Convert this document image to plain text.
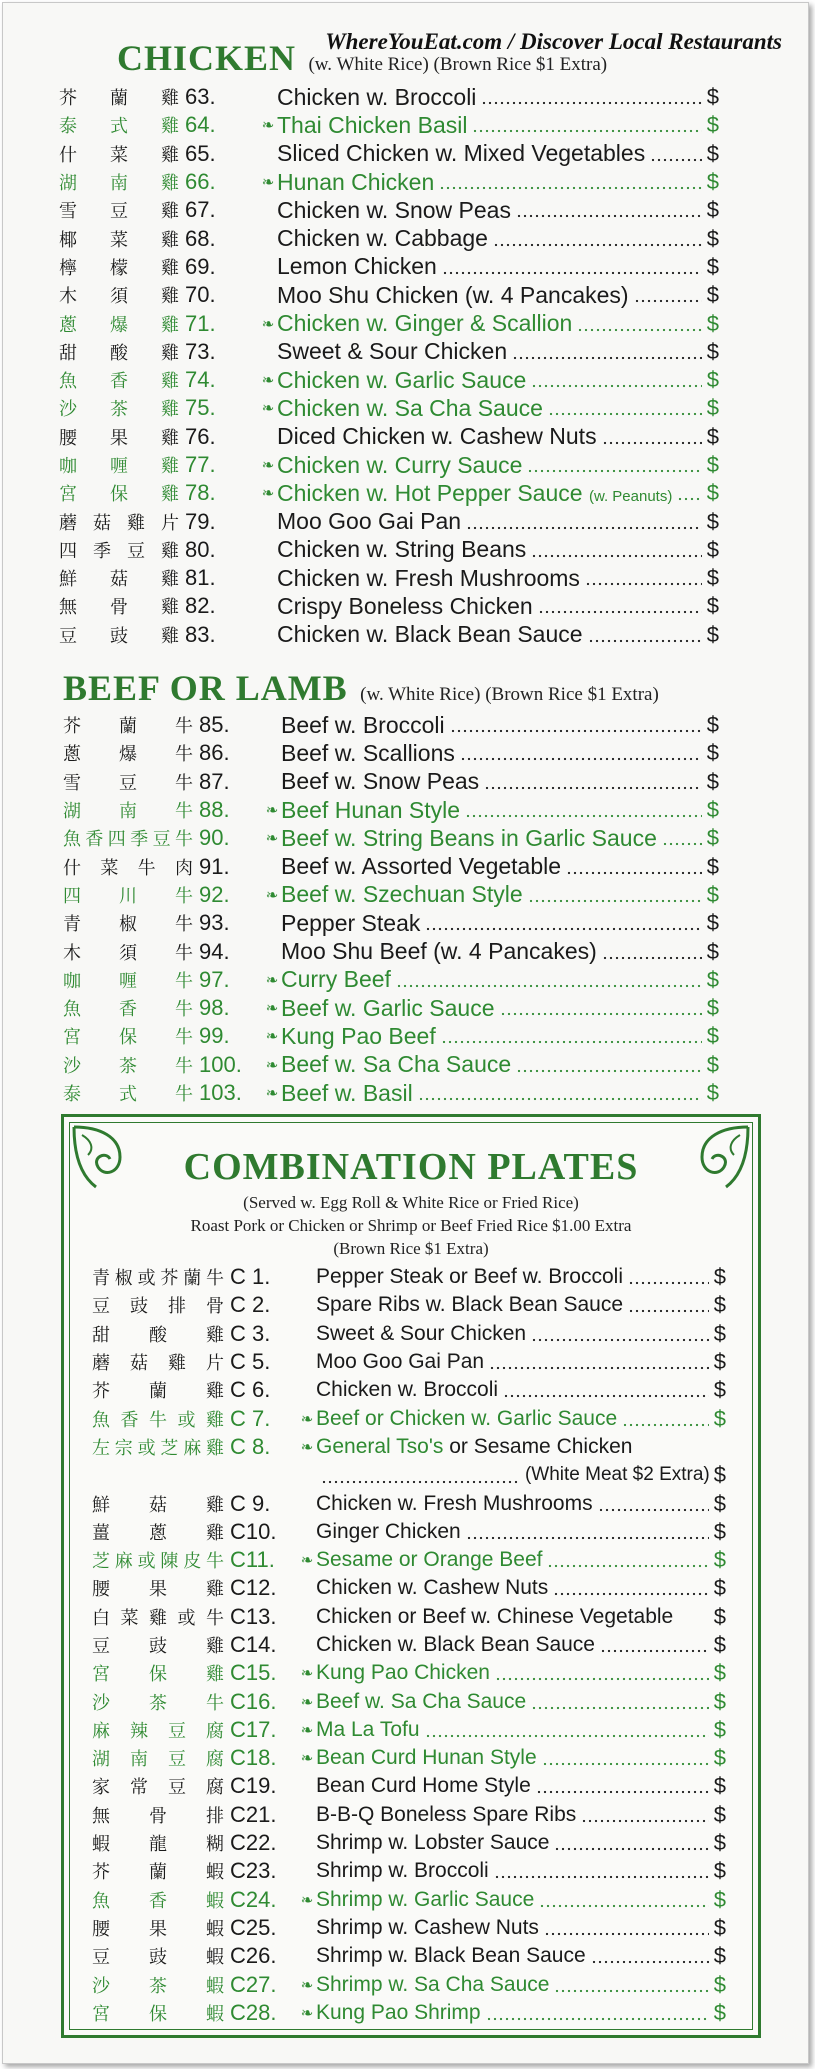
WhereYouEat.com / Discover Local Restaurants
CHICKEN (w. White Rice) (Brown Rice $1 Extra)
芥蘭雞 63.	Chicken w. Broccoli	$
泰式雞 64.	❧ Thai Chicken Basil	$
什菜雞 65.	Sliced Chicken w. Mixed Vegetables	$
湖南雞 66.	❧ Hunan Chicken	$
雪豆雞 67.	Chicken w. Snow Peas	$
椰菜雞 68.	Chicken w. Cabbage	$
檸檬雞 69.	Lemon Chicken	$
木須雞 70.	Moo Shu Chicken (w. 4 Pancakes)	$
蔥爆雞 71.	❧ Chicken w. Ginger & Scallion	$
甜酸雞 73.	Sweet & Sour Chicken	$
魚香雞 74.	❧ Chicken w. Garlic Sauce	$
沙茶雞 75.	❧ Chicken w. Sa Cha Sauce	$
腰果雞 76.	Diced Chicken w. Cashew Nuts	$
咖喱雞 77.	❧ Chicken w. Curry Sauce	$
宮保雞 78.	❧ Chicken w. Hot Pepper Sauce (w. Peanuts) $
蘑菇雞片 79.	Moo Goo Gai Pan	$
四季豆雞 80.	Chicken w. String Beans	$
鮮菇雞 81.	Chicken w. Fresh Mushrooms	$
無骨雞 82.	Crispy Boneless Chicken	$
豆豉雞 83.	Chicken w. Black Bean Sauce	$
BEEF OR LAMB (w. White Rice) (Brown Rice $1 Extra)
芥蘭牛 85.	Beef w. Broccoli	$
蔥爆牛 86.	Beef w. Scallions	$
雪豆牛 87.	Beef w. Snow Peas	$
湖南牛 88.	❧ Beef Hunan Style	$
魚香四季豆牛 90.	❧ Beef w. String Beans in Garlic Sauce $
什菜牛肉 91.	Beef w. Assorted Vegetable	$
四川牛 92.	❧ Beef w. Szechuan Style	$
青椒牛 93.	Pepper Steak	$
木須牛 94.	Moo Shu Beef (w. 4 Pancakes)	$
咖喱牛 97.	❧ Curry Beef	$
魚香牛 98.	❧ Beef w. Garlic Sauce	$
宮保牛 99.	❧ Kung Pao Beef	$
沙茶牛 100.	❧ Beef w. Sa Cha Sauce	$
泰式牛 103.	❧ Beef w. Basil	$
COMBINATION PLATES
(Served w. Egg Roll & White Rice or Fried Rice)
Roast Pork or Chicken or Shrimp or Beef Fried Rice $1.00 Extra
(Brown Rice $1 Extra)
青椒或芥蘭牛 C 1.	Pepper Steak or Beef w. Broccoli	$
豆豉排骨 C 2.	Spare Ribs w. Black Bean Sauce	$
甜酸雞 C 3.	Sweet & Sour Chicken	$
蘑菇雞片 C 5.	Moo Goo Gai Pan	$
芥蘭雞 C 6.	Chicken w. Broccoli	$
魚香牛或雞 C 7.	❧ Beef or Chicken w. Garlic Sauce	$
左宗或芝麻雞 C 8.	❧ General Tso's or Sesame Chicken
(White Meat $2 Extra) $
鮮菇雞 C 9.	Chicken w. Fresh Mushrooms	$
薑蔥雞 C10.	Ginger Chicken	$
芝麻或陳皮牛 C11.	❧ Sesame or Orange Beef	$
腰果雞 C12.	Chicken w. Cashew Nuts	$
白菜雞或牛 C13.	Chicken or Beef w. Chinese Vegetable $
豆豉雞 C14.	Chicken w. Black Bean Sauce	$
宮保雞 C15.	❧ Kung Pao Chicken	$
沙茶牛 C16.	❧ Beef w. Sa Cha Sauce	$
麻辣豆腐 C17.	❧ Ma La Tofu	$
湖南豆腐 C18.	❧ Bean Curd Hunan Style	$
家常豆腐 C19.	Bean Curd Home Style	$
無骨排 C21.	B-B-Q Boneless Spare Ribs	$
蝦龍糊 C22.	Shrimp w. Lobster Sauce	$
芥蘭蝦 C23.	Shrimp w. Broccoli	$
魚香蝦 C24.	❧ Shrimp w. Garlic Sauce	$
腰果蝦 C25.	Shrimp w. Cashew Nuts	$
豆豉蝦 C26.	Shrimp w. Black Bean Sauce	$
沙茶蝦 C27.	❧ Shrimp w. Sa Cha Sauce	$
宮保蝦 C28.	❧ Kung Pao Shrimp	$
